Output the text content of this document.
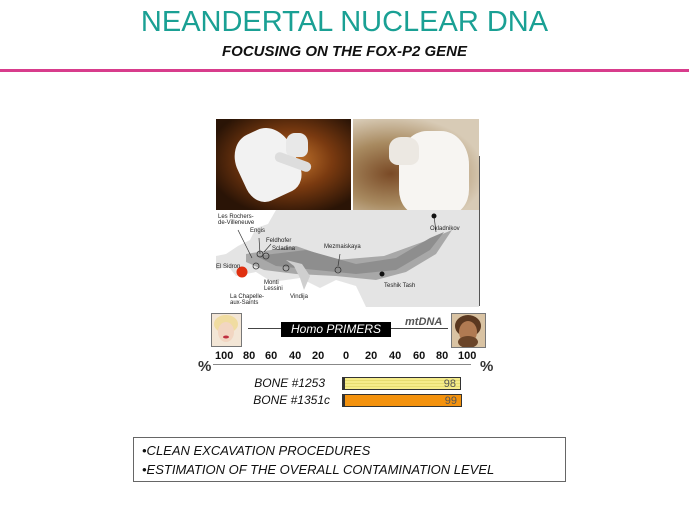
NEANDERTAL NUCLEAR DNA
FOCUSING ON THE FOX-P2 GENE
Les Rochers-
de-Villeneuve
Engis
Feldhofer
Scladina	Mezmaiskaya
Okladnikov
El Sidron
Monti
Lessini
La Chapelle-
aux-Saints
Vindija
Teshik Tash
Homo PRIMERS	mtDNA
%
100 80 60 40 20 0 20 40 60 80 100
%
BONE #1253	98
BONE #1351c	99
•CLEAN EXCAVATION PROCEDURES
•ESTIMATION OF THE OVERALL CONTAMINATION LEVEL
